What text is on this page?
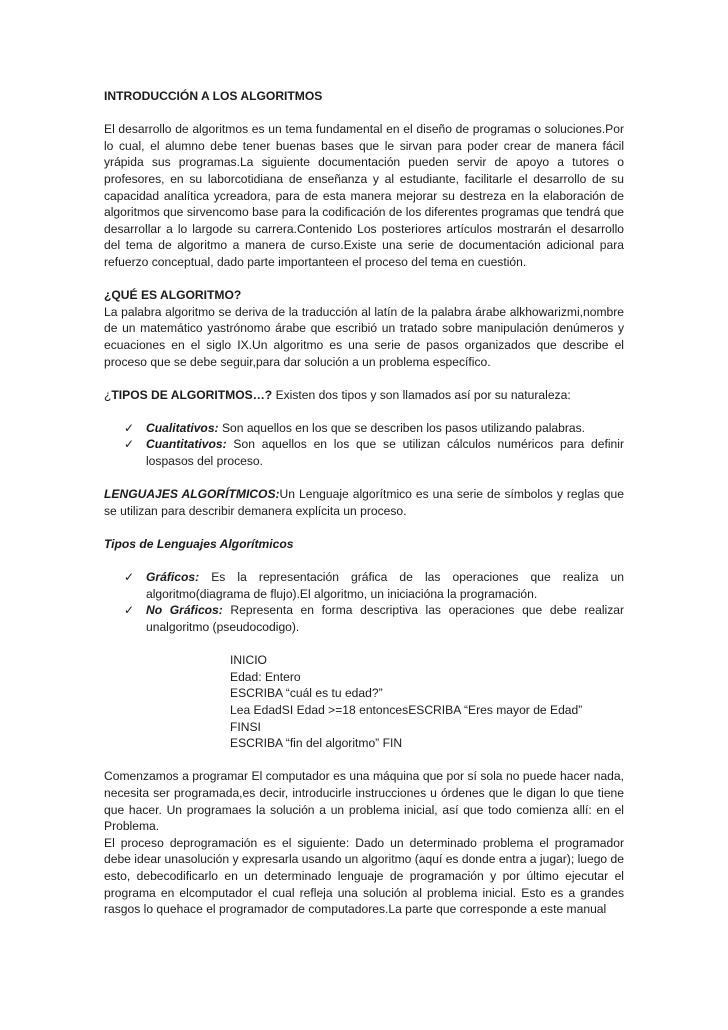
INTRODUCCIÓN A LOS ALGORITMOS

El desarrollo de algoritmos es un tema fundamental en el diseño de programas o soluciones.Por lo cual, el alumno debe tener buenas bases que le sirvan para poder crear de manera fácil yrápida sus programas.La siguiente documentación pueden servir de apoyo a tutores o profesores, en su laborcotidiana de enseñanza y al estudiante, facilitarle el desarrollo de su capacidad analítica ycreadora, para de esta manera mejorar su destreza en la elaboración de algoritmos que sirvencomo base para la codificación de los diferentes programas que tendrá que desarrollar a lo largode su carrera.Contenido Los posteriores artículos mostrarán el desarrollo del tema de algoritmo a manera de curso.Existe una serie de documentación adicional para refuerzo conceptual, dado parte importanteen el proceso del tema en cuestión.

¿QUÉ ES ALGORITMO?

La palabra algoritmo se deriva de la traducción al latín de la palabra árabe alkhowarizmi,nombre de un matemático yastrónomo árabe que escribió un tratado sobre manipulación denúmeros y ecuaciones en el siglo IX.Un algoritmo es una serie de pasos organizados que describe el proceso que se debe seguir,para dar solución a un problema específico.

¿TIPOS DE ALGORITMOS…? Existen dos tipos y son llamados así por su naturaleza:

✓ Cualitativos: Son aquellos en los que se describen los pasos utilizando palabras.
✓ Cuantitativos: Son aquellos en los que se utilizan cálculos numéricos para definir lospasos del proceso.

LENGUAJES ALGORÍTMICOS:Un Lenguaje algorítmico es una serie de símbolos y reglas que se utilizan para describir demanera explícita un proceso.

Tipos de Lenguajes Algorítmicos

✓ Gráficos: Es la representación gráfica de las operaciones que realiza un algoritmo(diagrama de flujo).El algoritmo, un iniciacióna la programación.
✓ No Gráficos: Representa en forma descriptiva las operaciones que debe realizar unalgoritmo (pseudocodigo).
INICIO
Edad: Entero
ESCRIBA “cuál es tu edad?”
Lea EdadSI Edad >=18 entoncesESCRIBA “Eres mayor de Edad”
FINSI
ESCRIBA “fin del algoritmo” FIN

Comenzamos a programar El computador es una máquina que por sí sola no puede hacer nada, necesita ser programada,es decir, introducirle instrucciones u órdenes que le digan lo que tiene que hacer. Un programaes la solución a un problema inicial, así que todo comienza allí: en el Problema.

El proceso deprogramación es el siguiente: Dado un determinado problema el programador debe idear unasolución y expresarla usando un algoritmo (aquí es donde entra a jugar); luego de esto, debecodificarlo en un determinado lenguaje de programación y por último ejecutar el programa en elcomputador el cual refleja una solución al problema inicial. Esto es a grandes rasgos lo quehace el programador de computadores.La parte que corresponde a este manual
